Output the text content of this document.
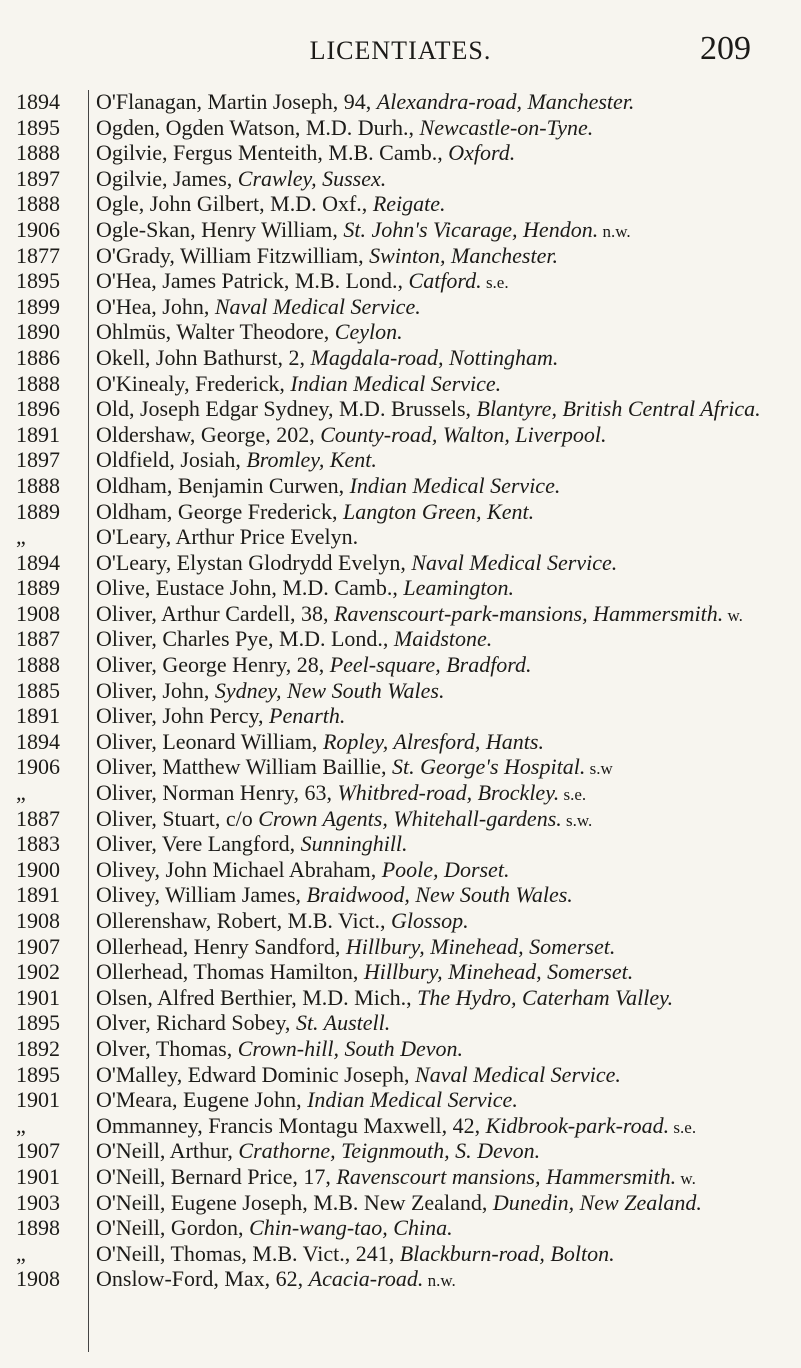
LICENTIATES.	209
1894	O'Flanagan, Martin Joseph, 94, Alexandra-road, Manchester.
1895	Ogden, Ogden Watson, M.D. Durh., Newcastle-on-Tyne.
1888	Ogilvie, Fergus Menteith, M.B. Camb., Oxford.
1897	Ogilvie, James, Crawley, Sussex.
1888	Ogle, John Gilbert, M.D. Oxf., Reigate.
1906	Ogle-Skan, Henry William, St. John's Vicarage, Hendon. n.w.
1877	O'Grady, William Fitzwilliam, Swinton, Manchester.
1895	O'Hea, James Patrick, M.B. Lond., Catford. s.e.
1899	O'Hea, John, Naval Medical Service.
1890	Ohlmüs, Walter Theodore, Ceylon.
1886	Okell, John Bathurst, 2, Magdala-road, Nottingham.
1888	O'Kinealy, Frederick, Indian Medical Service.
1896	Old, Joseph Edgar Sydney, M.D. Brussels, Blantyre, British Central Africa.
1891	Oldershaw, George, 202, County-road, Walton, Liverpool.
1897	Oldfield, Josiah, Bromley, Kent.
1888	Oldham, Benjamin Curwen, Indian Medical Service.
1889	Oldham, George Frederick, Langton Green, Kent.
„	O'Leary, Arthur Price Evelyn.
1894	O'Leary, Elystan Glodrydd Evelyn, Naval Medical Service.
1889	Olive, Eustace John, M.D. Camb., Leamington.
1908	Oliver, Arthur Cardell, 38, Ravenscourt-park-mansions, Hammersmith. w.
1887	Oliver, Charles Pye, M.D. Lond., Maidstone.
1888	Oliver, George Henry, 28, Peel-square, Bradford.
1885	Oliver, John, Sydney, New South Wales.
1891	Oliver, John Percy, Penarth.
1894	Oliver, Leonard William, Ropley, Alresford, Hants.
1906	Oliver, Matthew William Baillie, St. George's Hospital. s.w
„	Oliver, Norman Henry, 63, Whitbred-road, Brockley. s.e.
1887	Oliver, Stuart, c/o Crown Agents, Whitehall-gardens. s.w.
1883	Oliver, Vere Langford, Sunninghill.
1900	Olivey, John Michael Abraham, Poole, Dorset.
1891	Olivey, William James, Braidwood, New South Wales.
1908	Ollerenshaw, Robert, M.B. Vict., Glossop.
1907	Ollerhead, Henry Sandford, Hillbury, Minehead, Somerset.
1902	Ollerhead, Thomas Hamilton, Hillbury, Minehead, Somerset.
1901	Olsen, Alfred Berthier, M.D. Mich., The Hydro, Caterham Valley.
1895	Olver, Richard Sobey, St. Austell.
1892	Olver, Thomas, Crown-hill, South Devon.
1895	O'Malley, Edward Dominic Joseph, Naval Medical Service.
1901	O'Meara, Eugene John, Indian Medical Service.
„	Ommanney, Francis Montagu Maxwell, 42, Kidbrook-park-road. s.e.
1907	O'Neill, Arthur, Crathorne, Teignmouth, S. Devon.
1901	O'Neill, Bernard Price, 17, Ravenscourt mansions, Hammersmith. w.
1903	O'Neill, Eugene Joseph, M.B. New Zealand, Dunedin, New Zealand.
1898	O'Neill, Gordon, Chin-wang-tao, China.
„	O'Neill, Thomas, M.B. Vict., 241, Blackburn-road, Bolton.
1908	Onslow-Ford, Max, 62, Acacia-road. n.w.
